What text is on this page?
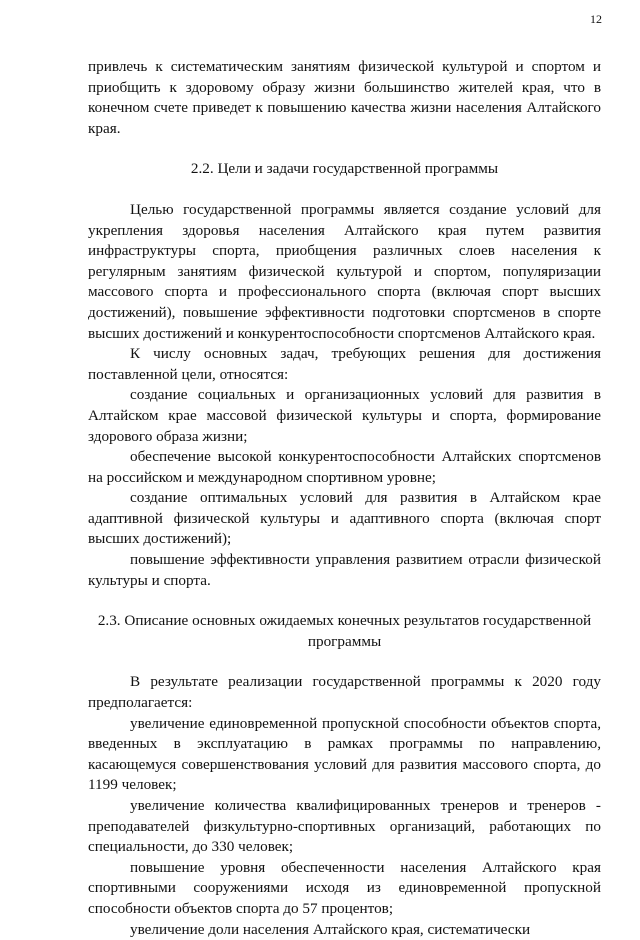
12

привлечь к систематическим занятиям физической культурой и спортом и приобщить к здоровому образу жизни большинство жителей края, что в конечном счете приведет к повышению качества жизни населения Алтайского края.

2.2. Цели и задачи государственной программы

Целью государственной программы является создание условий для укрепления здоровья населения Алтайского края путем развития инфраструктуры спорта, приобщения различных слоев населения к регулярным занятиям физической культурой и спортом, популяризации массового спорта и профессионального спорта (включая спорт высших достижений), повышение эффективности подготовки спортсменов в спорте высших достижений и конкурентоспособности спортсменов Алтайского края.

К числу основных задач, требующих решения для достижения поставленной цели, относятся:

создание социальных и организационных условий для развития в Алтайском крае массовой физической культуры и спорта, формирование здорового образа жизни;

обеспечение высокой конкурентоспособности Алтайских спортсменов на российском и международном спортивном уровне;

создание оптимальных условий для развития в Алтайском крае адаптивной физической культуры и адаптивного спорта (включая спорт высших достижений);

повышение эффективности управления развитием отрасли физической культуры и спорта.

2.3. Описание основных ожидаемых конечных результатов государственной
программы

В результате реализации государственной программы к 2020 году предполагается:

увеличение единовременной пропускной способности объектов спорта, введенных в эксплуатацию в рамках программы по направлению, касающемуся совершенствования условий для развития массового спорта, до 1199 человек;

увеличение количества квалифицированных тренеров и тренеров - преподавателей физкультурно-спортивных организаций, работающих по специальности, до 330 человек;

повышение уровня обеспеченности населения Алтайского края спортивными сооружениями исходя из единовременной пропускной способности объектов спорта до 57 процентов;

увеличение доли населения Алтайского края, систематически
